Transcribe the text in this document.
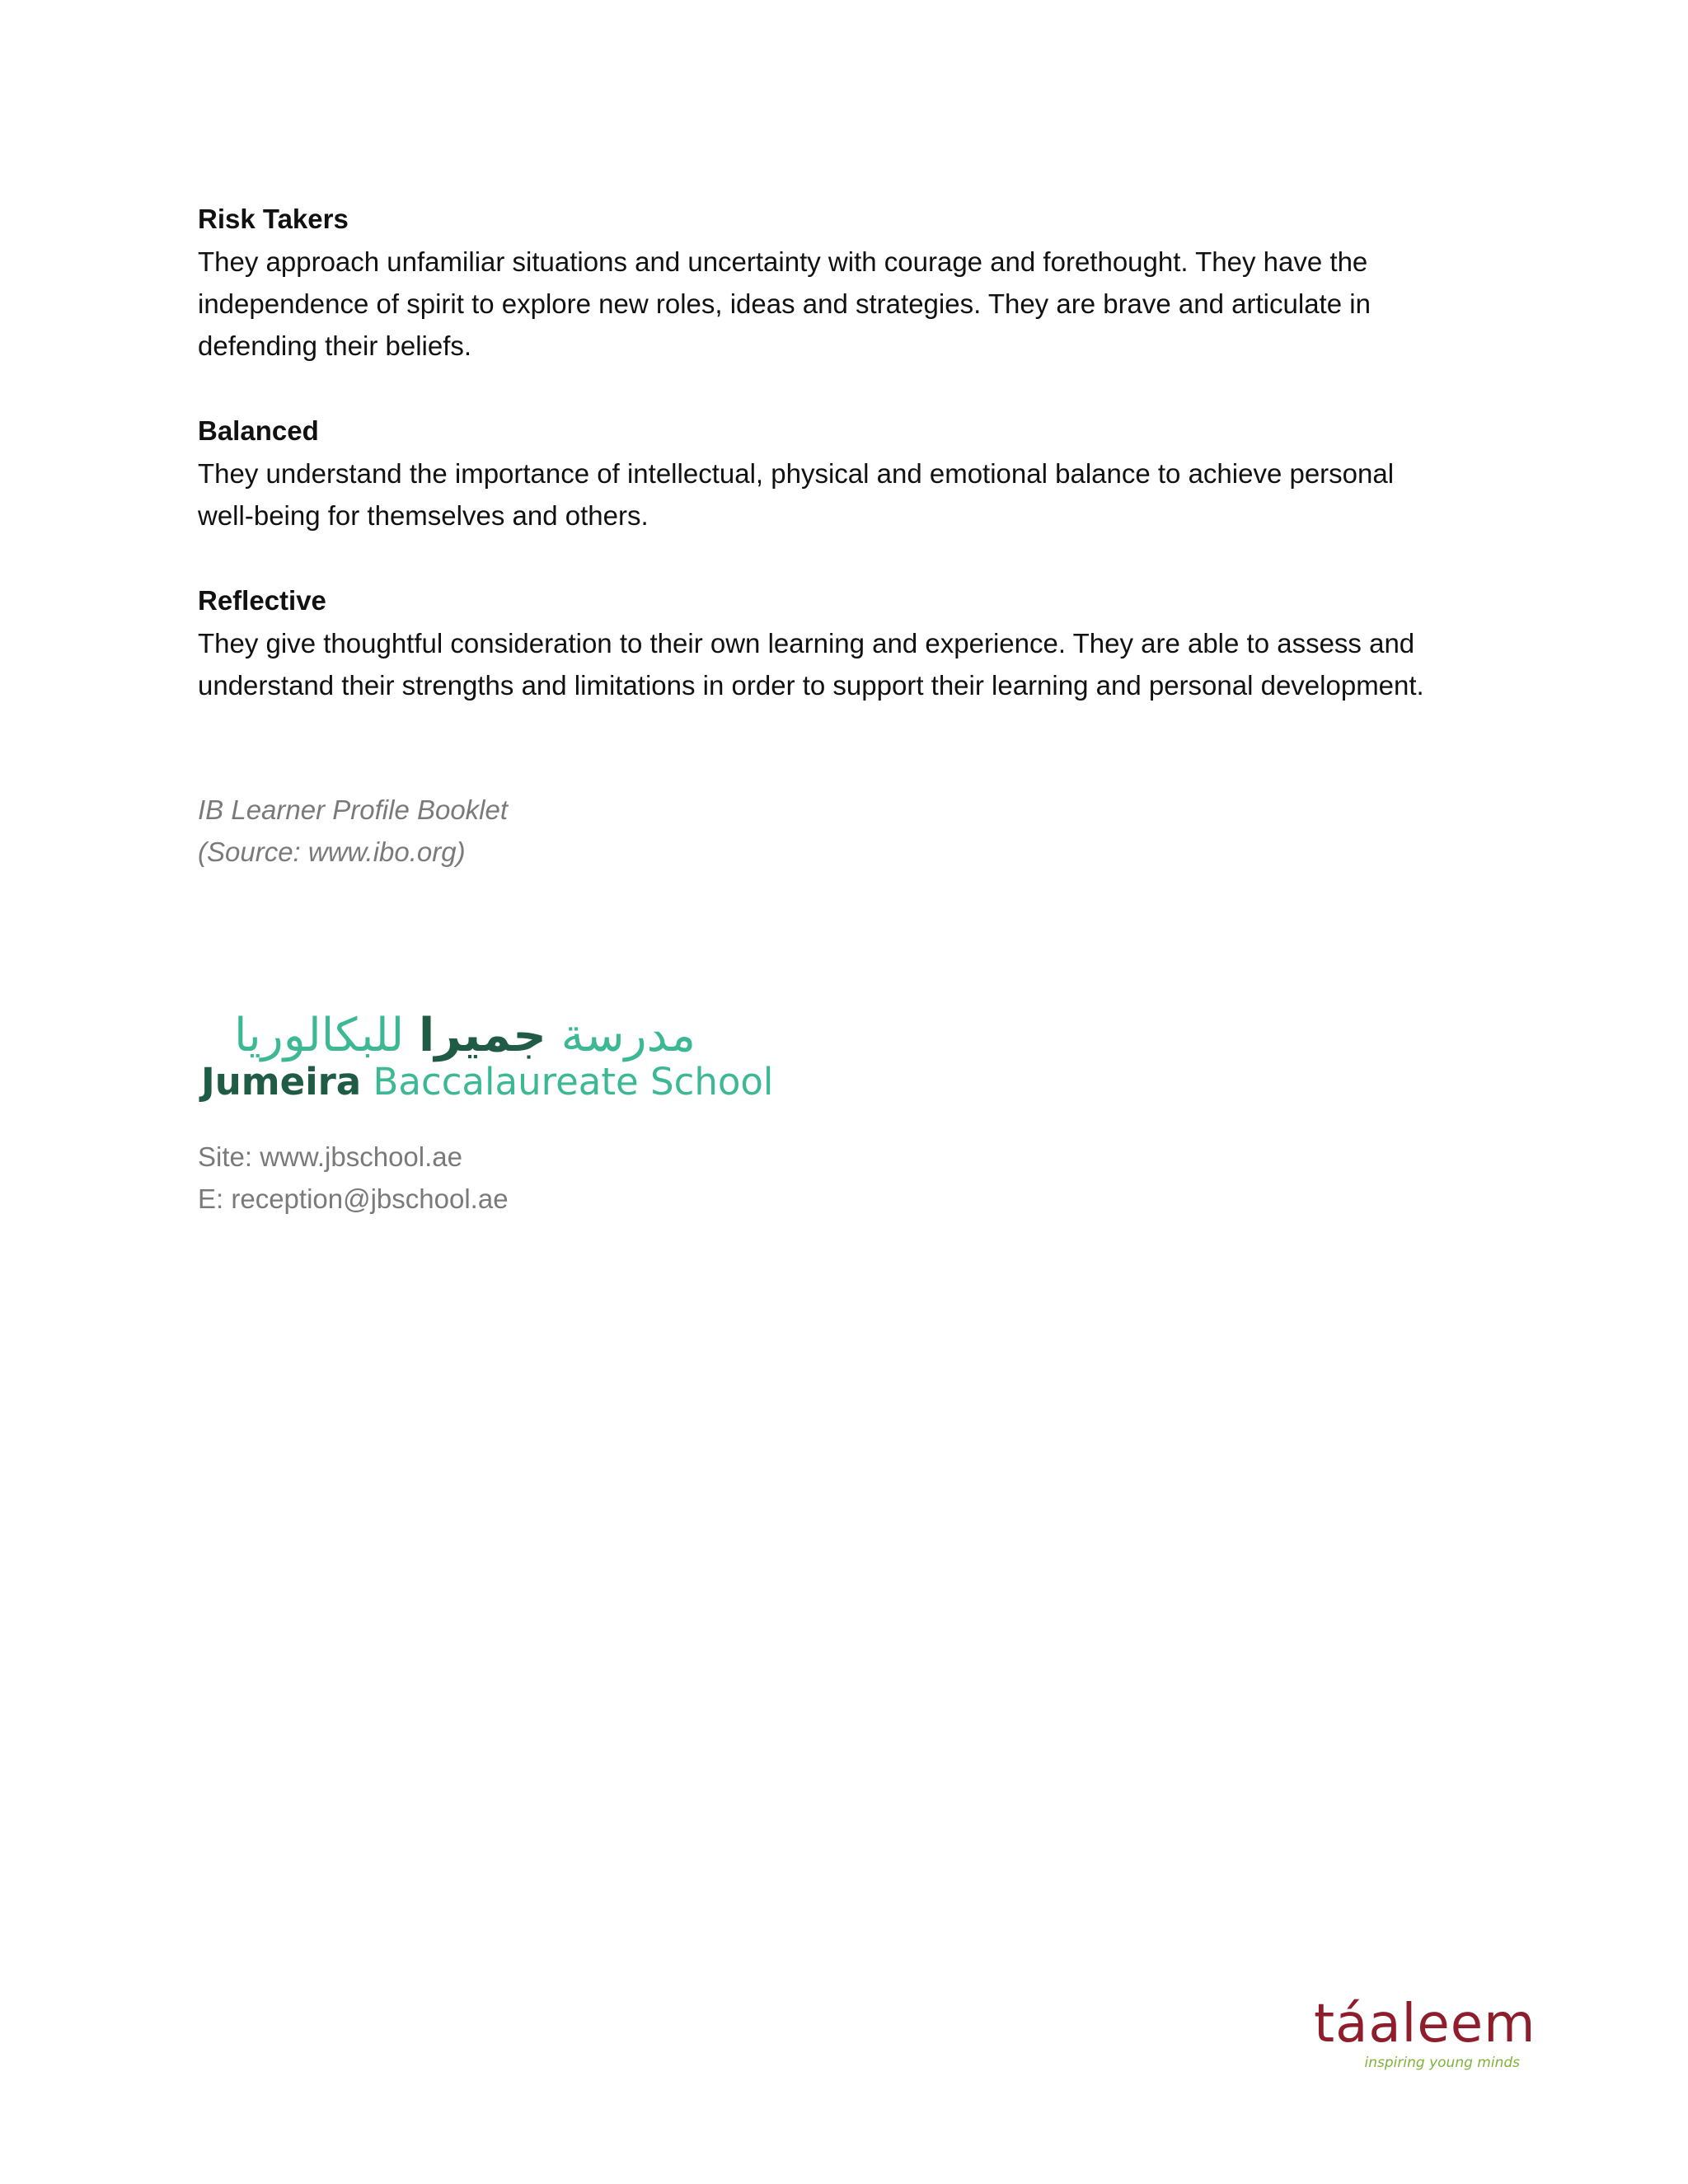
Risk Takers

They approach unfamiliar situations and uncertainty with courage and forethought. They have the

independence of spirit to explore new roles, ideas and strategies. They are brave and articulate in

defending their beliefs.

Balanced

They understand the importance of intellectual, physical and emotional balance to achieve personal

well-being for themselves and others.

Reflective

They give thoughtful consideration to their own learning and experience. They are able to assess and

understand their strengths and limitations in order to support their learning and personal development.

IB Learner Profile Booklet
(Source: www.ibo.org)
مدرسة جميرا للبكالوريا
Jumeira Baccalaureate School
Site: www.jbschool.ae
E: reception@jbschool.ae
táaleem
inspiring young minds
